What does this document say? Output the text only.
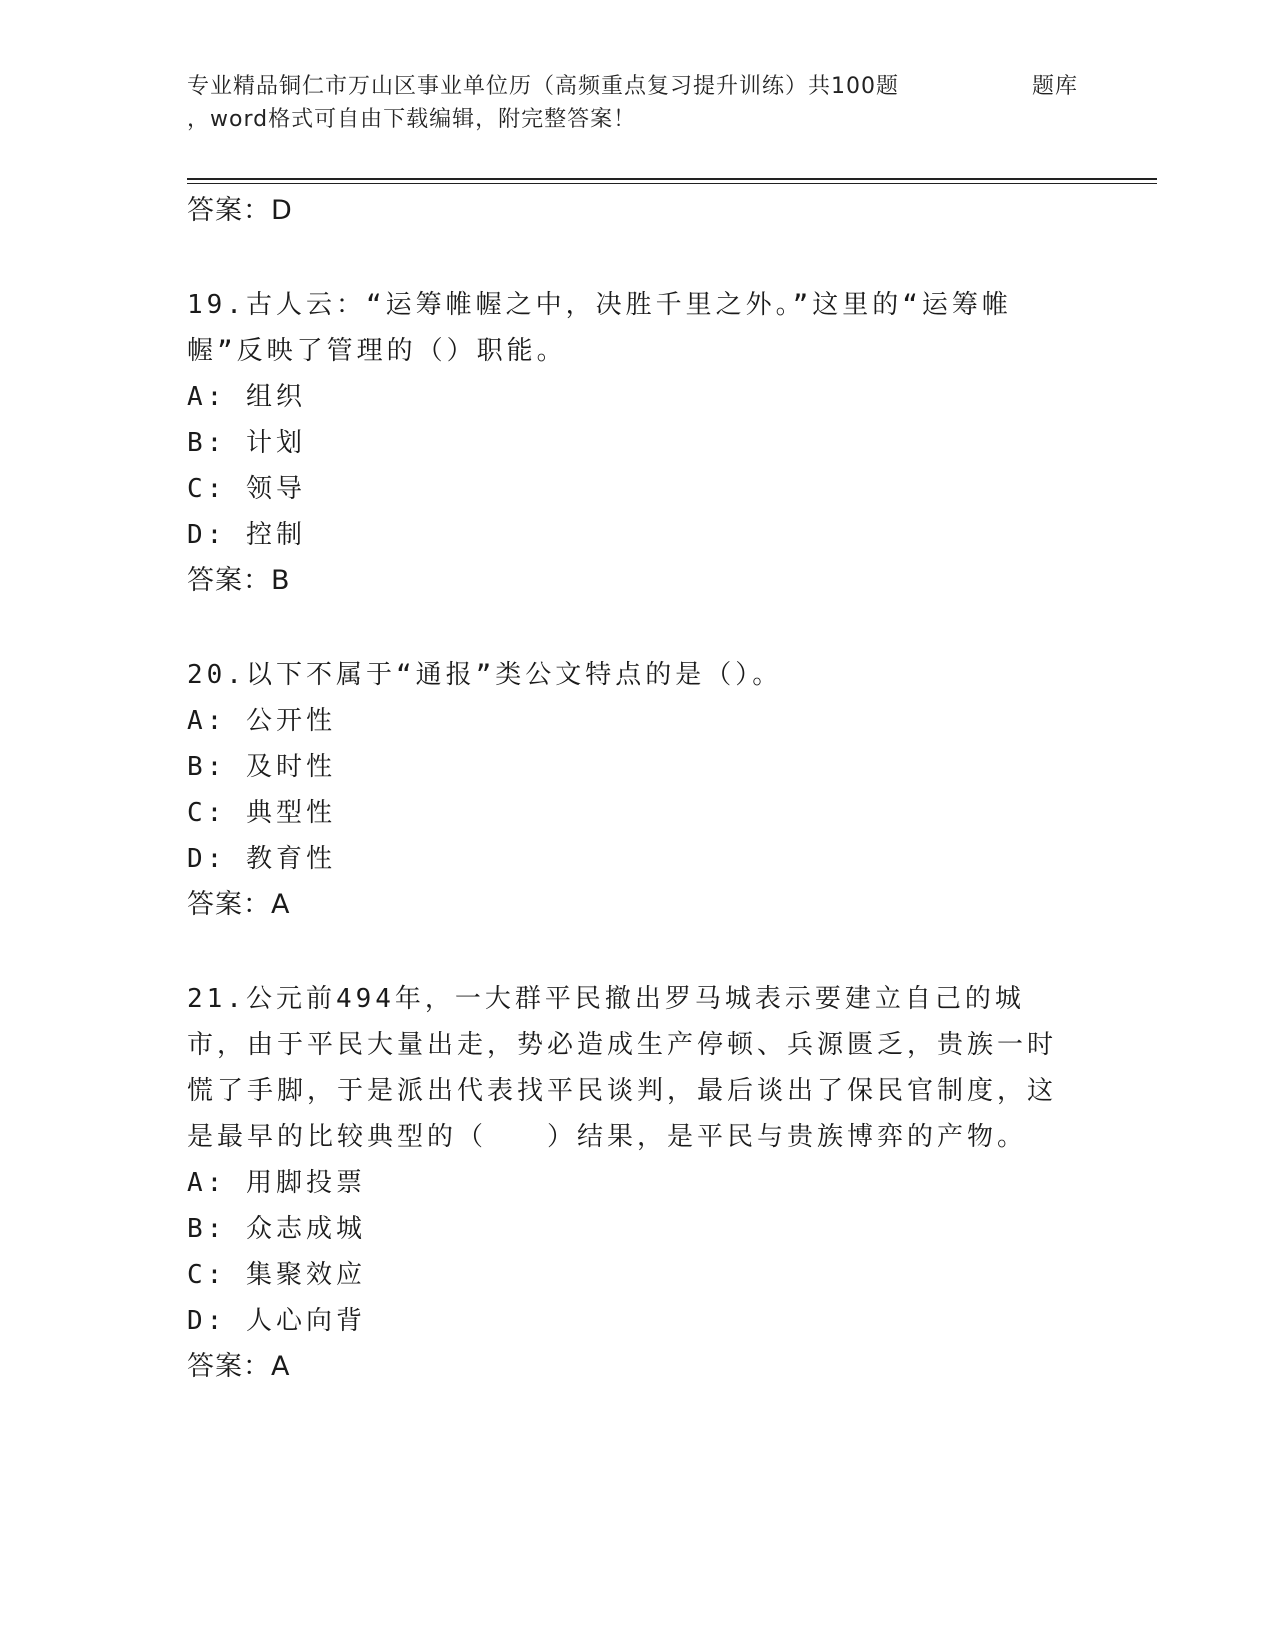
专业精品铜仁市万山区事业单位历（高频重点复习提升训练）共100题	题库
，word格式可自由下载编辑，附完整答案！

答案：D

19.古人云：“运筹帷幄之中，决胜千里之外。”这里的“运筹帷幄”反映了管理的（）职能。

A: 组织

B: 计划

C: 领导

D: 控制

答案：B

20.以下不属于“通报”类公文特点的是（）。

A: 公开性

B: 及时性

C: 典型性

D: 教育性

答案：A

21.公元前494年，一大群平民撤出罗马城表示要建立自己的城市，由于平民大量出走，势必造成生产停顿、兵源匮乏，贵族一时慌了手脚，于是派出代表找平民谈判，最后谈出了保民官制度，这是最早的比较典型的（　　）结果，是平民与贵族博弈的产物。

A: 用脚投票

B: 众志成城

C: 集聚效应

D: 人心向背

答案：A
